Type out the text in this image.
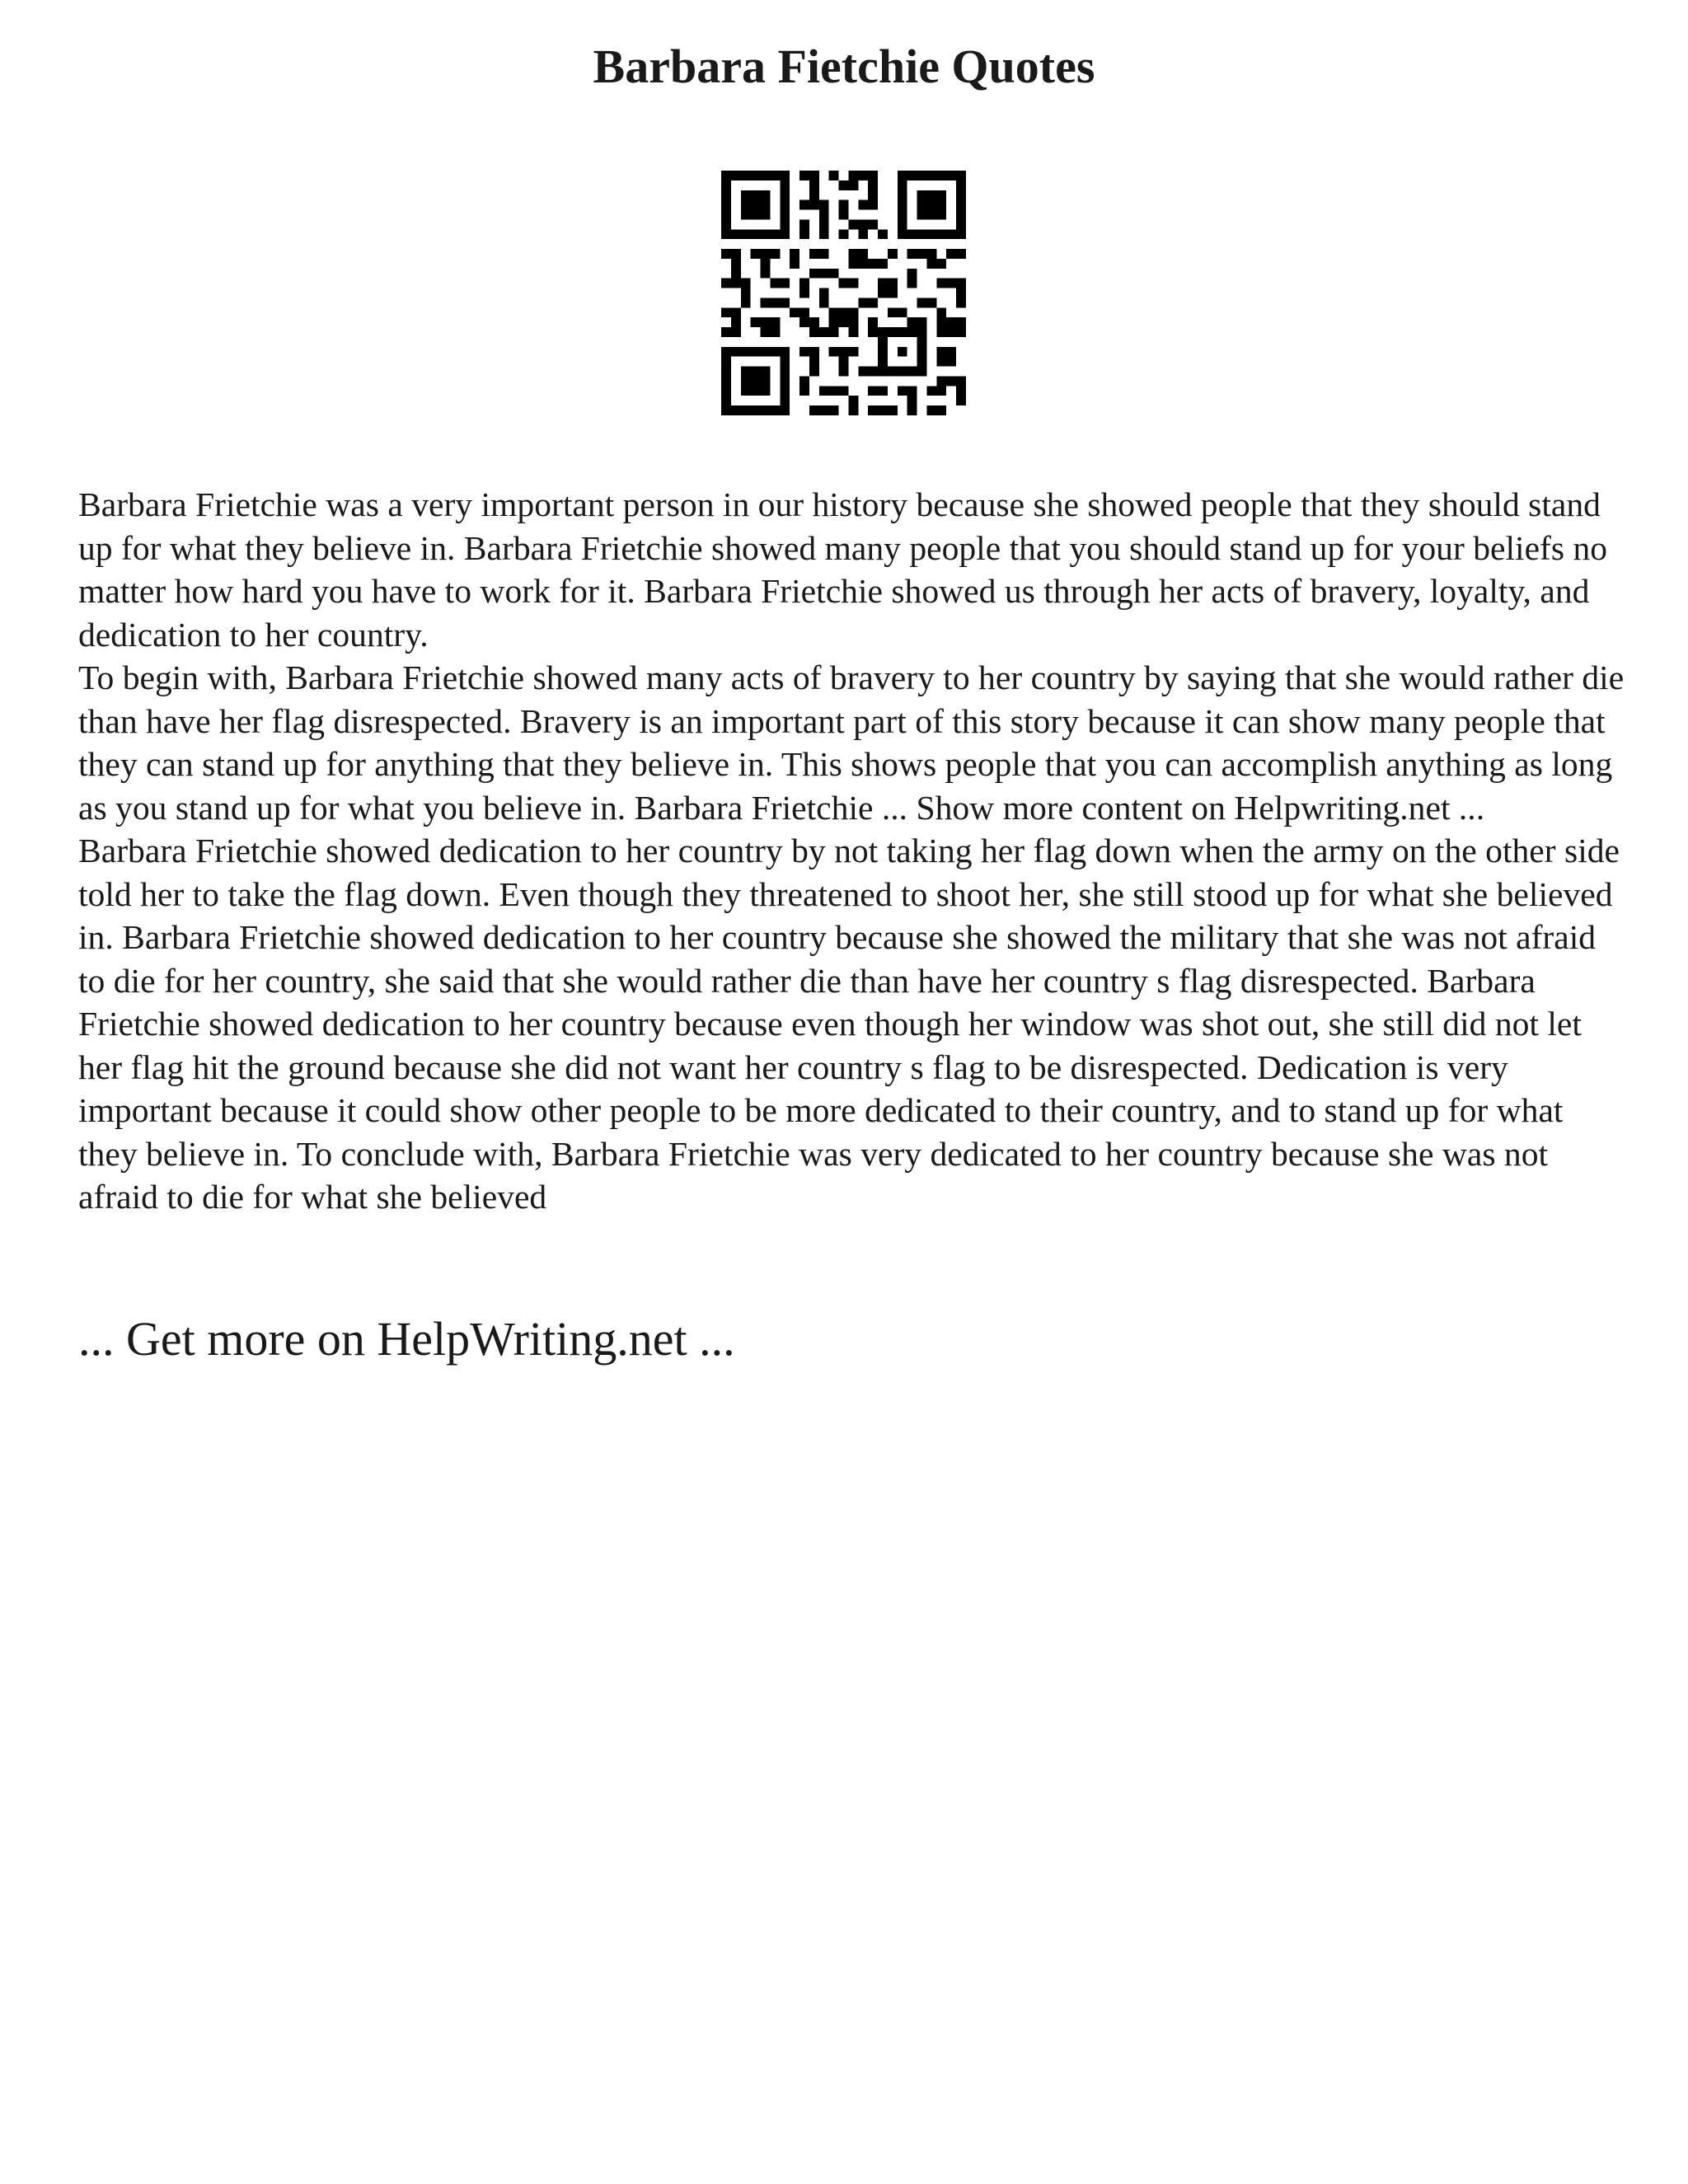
Barbara Fietchie Quotes

Barbara Frietchie was a very important person in our history because she showed people that they should stand up for what they believe in. Barbara Frietchie showed many people that you should stand up for your beliefs no matter how hard you have to work for it. Barbara Frietchie showed us through her acts of bravery, loyalty, and dedication to her country.

To begin with, Barbara Frietchie showed many acts of bravery to her country by saying that she would rather die than have her flag disrespected. Bravery is an important part of this story because it can show many people that they can stand up for anything that they believe in. This shows people that you can accomplish anything as long as you stand up for what you believe in. Barbara Frietchie ... Show more content on Helpwriting.net ...

Barbara Frietchie showed dedication to her country by not taking her flag down when the army on the other side told her to take the flag down. Even though they threatened to shoot her, she still stood up for what she believed in. Barbara Frietchie showed dedication to her country because she showed the military that she was not afraid to die for her country, she said that she would rather die than have her country s flag disrespected. Barbara Frietchie showed dedication to her country because even though her window was shot out, she still did not let her flag hit the ground because she did not want her country s flag to be disrespected. Dedication is very important because it could show other people to be more dedicated to their country, and to stand up for what they believe in. To conclude with, Barbara Frietchie was very dedicated to her country because she was not afraid to die for what she believed

... Get more on HelpWriting.net ...
